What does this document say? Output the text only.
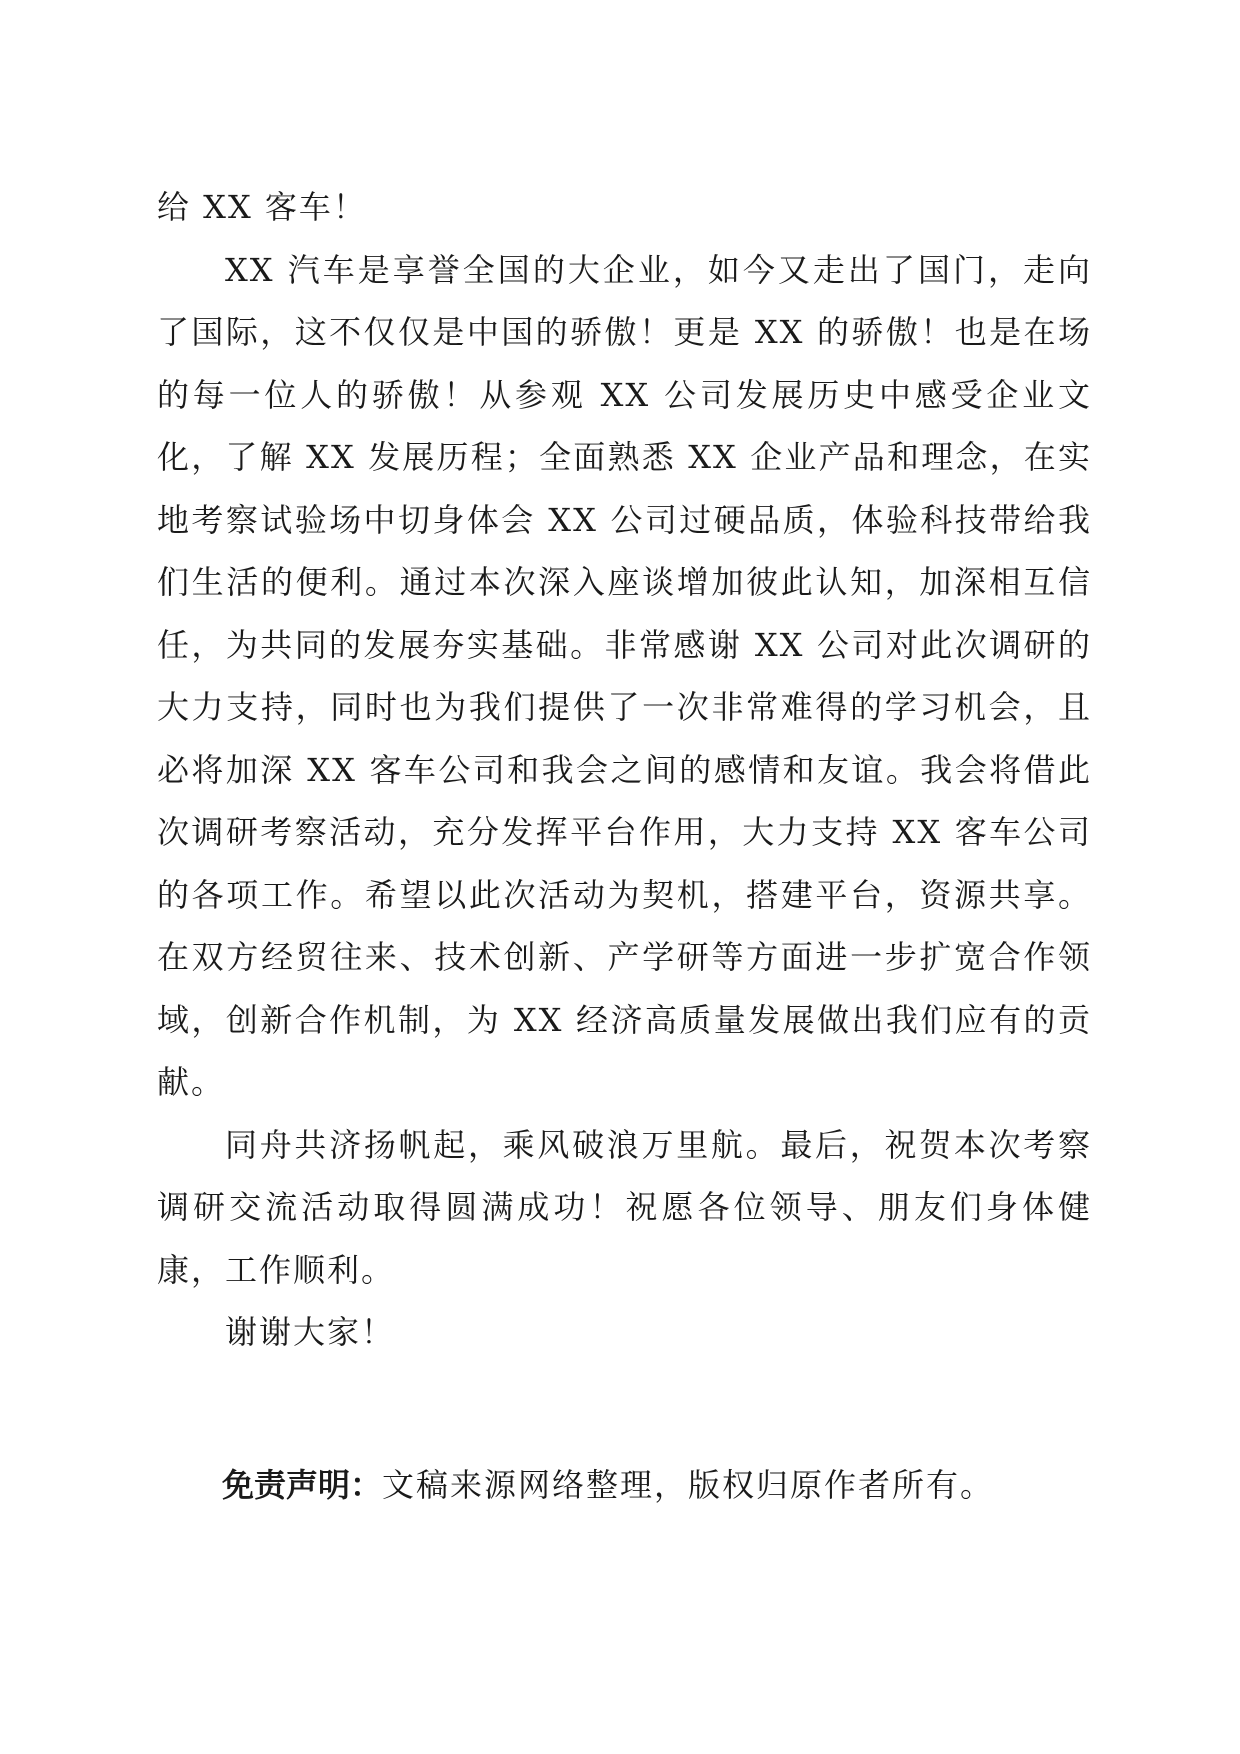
给 XX 客车！

XX 汽车是享誉全国的大企业，如今又走出了国门，走向了国际，这不仅仅是中国的骄傲！更是 XX 的骄傲！也是在场的每一位人的骄傲！从参观 XX 公司发展历史中感受企业文化，了解 XX 发展历程；全面熟悉 XX 企业产品和理念，在实地考察试验场中切身体会 XX 公司过硬品质，体验科技带给我们生活的便利。通过本次深入座谈增加彼此认知，加深相互信任，为共同的发展夯实基础。非常感谢 XX 公司对此次调研的大力支持，同时也为我们提供了一次非常难得的学习机会，且必将加深 XX 客车公司和我会之间的感情和友谊。我会将借此次调研考察活动，充分发挥平台作用，大力支持 XX 客车公司的各项工作。希望以此次活动为契机，搭建平台，资源共享。在双方经贸往来、技术创新、产学研等方面进一步扩宽合作领域，创新合作机制，为 XX 经济高质量发展做出我们应有的贡献。

同舟共济扬帆起，乘风破浪万里航。最后，祝贺本次考察调研交流活动取得圆满成功！祝愿各位领导、朋友们身体健康，工作顺利。

谢谢大家！

免责声明：文稿来源网络整理，版权归原作者所有。
